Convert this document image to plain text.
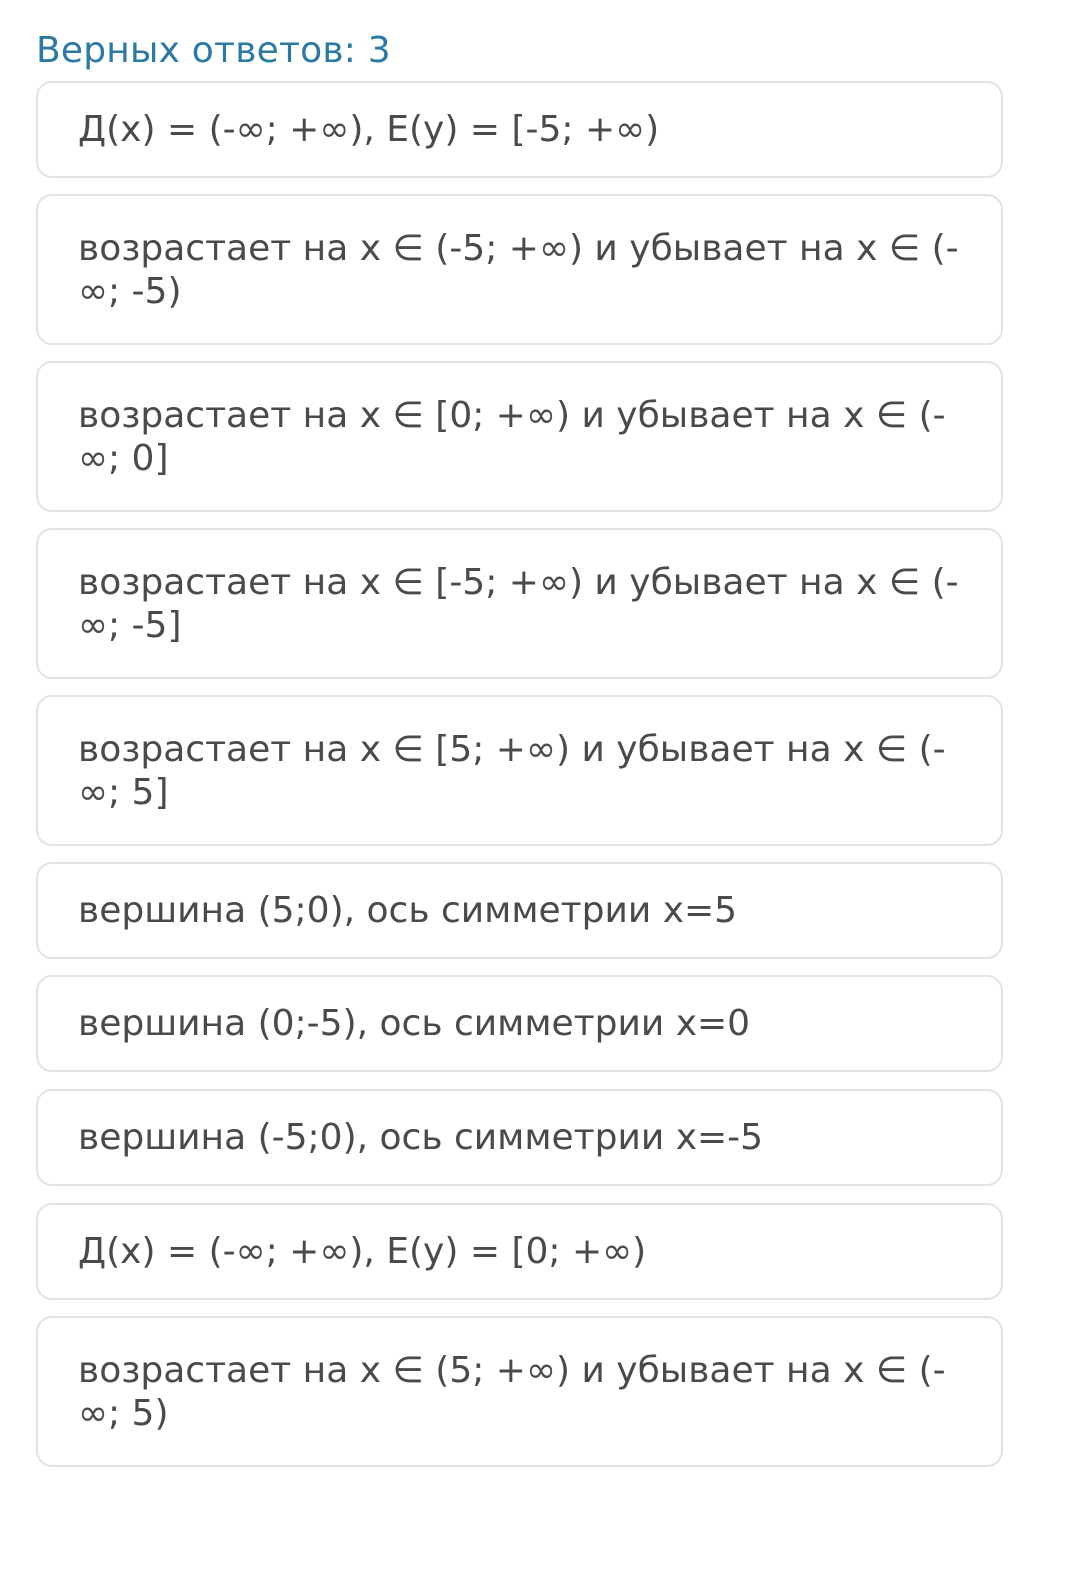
Верных ответов: 3
Д(x) = (-∞; +∞), E(y) = [-5; +∞)
возрастает на x ∈ (-5; +∞) и убывает на x ∈ (-∞; -5)
возрастает на x ∈ [0; +∞) и убывает на x ∈ (-∞; 0]
возрастает на x ∈ [-5; +∞) и убывает на x ∈ (-∞; -5]
возрастает на x ∈ [5; +∞) и убывает на x ∈ (-∞; 5]
вершина (5;0), ось симметрии x=5
вершина (0;-5), ось симметрии x=0
вершина (-5;0), ось симметрии x=-5
Д(x) = (-∞; +∞), E(y) = [0; +∞)
возрастает на x ∈ (5; +∞) и убывает на x ∈ (-∞; 5)
